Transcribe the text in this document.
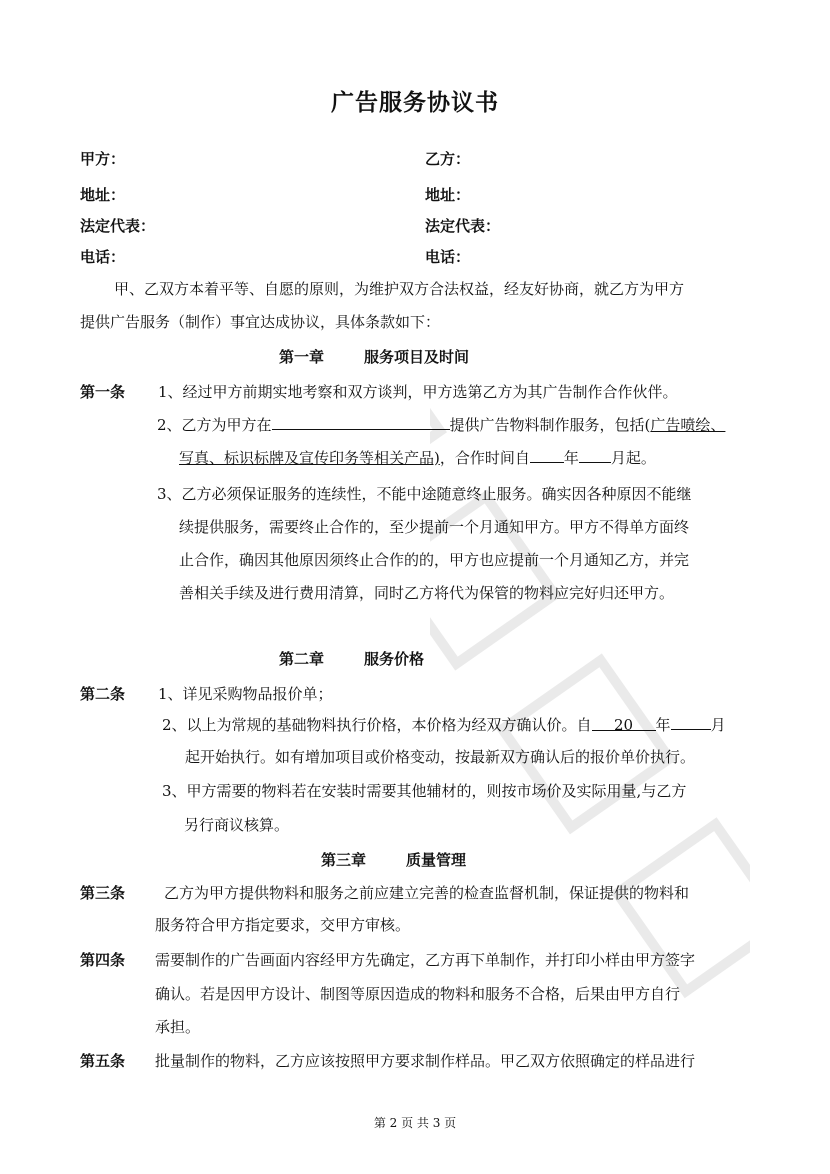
广告服务协议书
甲方：	乙方：
地址：	地址：
法定代表：	法定代表：
电话：	电话：
甲、乙双方本着平等、自愿的原则，为维护双方合法权益，经友好协商，就乙方为甲方
提供广告服务（制作）事宜达成协议，具体条款如下：
第一章	服务项目及时间
第一条 1、经过甲方前期实地考察和双方谈判，甲方选第乙方为其广告制作合作伙伴。
2、乙方为甲方在	提供广告物料制作服务，包括(广告喷绘、
写真、标识标牌及宣传印务等相关产品)，合作时间自 年 月起。
3、乙方必须保证服务的连续性，不能中途随意终止服务。确实因各种原因不能继
续提供服务，需要终止合作的，至少提前一个月通知甲方。甲方不得单方面终
止合作，确因其他原因须终止合作的的，甲方也应提前一个月通知乙方，并完
善相关手续及进行费用清算，同时乙方将代为保管的物料应完好归还甲方。
第二章	服务价格
第二条 1、详见采购物品报价单；
2、以上为常规的基础物料执行价格，本价格为经双方确认价。自 20 年	月
起开始执行。如有增加项目或价格变动，按最新双方确认后的报价单价执行。
3、甲方需要的物料若在安装时需要其他辅材的，则按市场价及实际用量,与乙方
另行商议核算。
第三章	质量管理
第三条	乙方为甲方提供物料和服务之前应建立完善的检查监督机制，保证提供的物料和
服务符合甲方指定要求，交甲方审核。
第四条 需要制作的广告画面内容经甲方先确定，乙方再下单制作，并打印小样由甲方签字
确认。若是因甲方设计、制图等原因造成的物料和服务不合格，后果由甲方自行
承担。
第五条 批量制作的物料，乙方应该按照甲方要求制作样品。甲乙双方依照确定的样品进行
第 2 页 共 3 页
